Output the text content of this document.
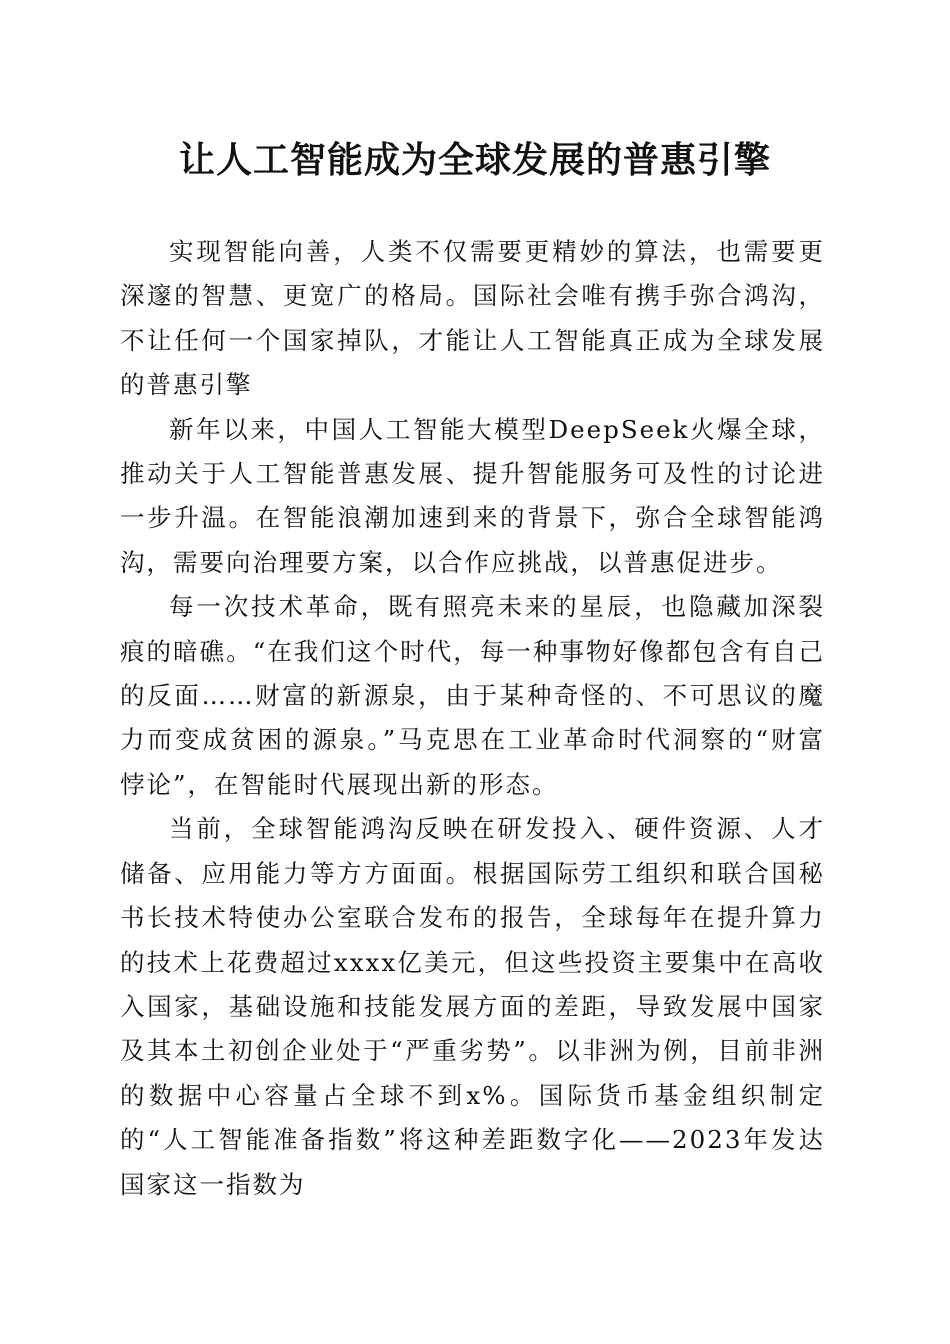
让人工智能成为全球发展的普惠引擎

实现智能向善，人类不仅需要更精妙的算法，也需要更深邃的智慧、更宽广的格局。国际社会唯有携手弥合鸿沟，不让任何一个国家掉队，才能让人工智能真正成为全球发展的普惠引擎

新年以来，中国人工智能大模型DeepSeek火爆全球，推动关于人工智能普惠发展、提升智能服务可及性的讨论进一步升温。在智能浪潮加速到来的背景下，弥合全球智能鸿沟，需要向治理要方案，以合作应挑战，以普惠促进步。

每一次技术革命，既有照亮未来的星辰，也隐藏加深裂痕的暗礁。“在我们这个时代，每一种事物好像都包含有自己的反面……财富的新源泉，由于某种奇怪的、不可思议的魔力而变成贫困的源泉。”马克思在工业革命时代洞察的“财富悖论”，在智能时代展现出新的形态。

当前，全球智能鸿沟反映在研发投入、硬件资源、人才储备、应用能力等方方面面。根据国际劳工组织和联合国秘书长技术特使办公室联合发布的报告，全球每年在提升算力的技术上花费超过xxxx亿美元，但这些投资主要集中在高收入国家，基础设施和技能发展方面的差距，导致发展中国家及其本土初创企业处于“严重劣势”。以非洲为例，目前非洲的数据中心容量占全球不到x%。国际货币基金组织制定的“人工智能准备指数”将这种差距数字化——2023年发达国家这一指数为
